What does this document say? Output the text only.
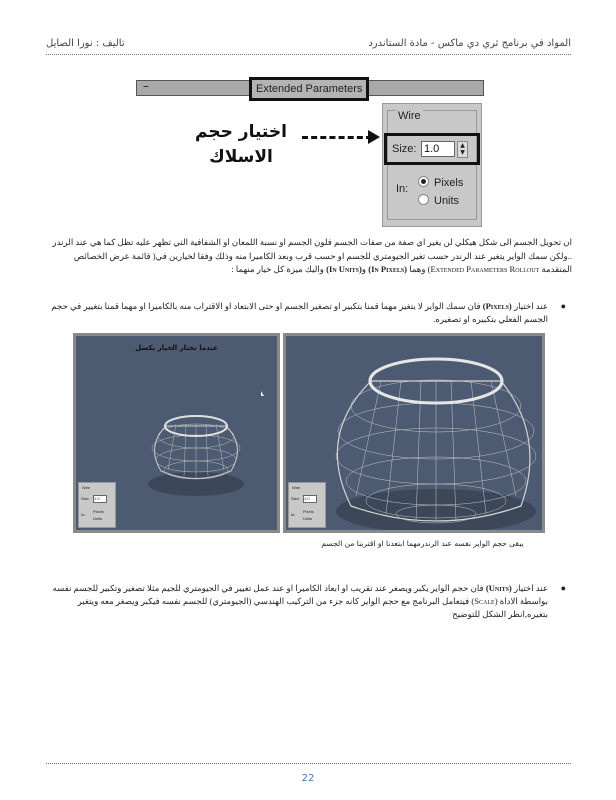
المواد في برنامج ثري دي ماكس - مادة الستاندرد
تاليف : نورا الصايل
–	Extended Parameters
اختيار حجم
الاسلاك
Wire
Size: 1.0	▲
▼
In:	Pixels
Units
ان تحويل الجسم الى شكل هيكلي لن يغير اي صفة من صفات الجسم فلون الجسم او نسبة اللمعان او الشفافية التي تظهر عليه تظل كما هي عند الرندر ..ولكن سمك الواير يتغير عند الرندر حسب تغير الجيومتري للجسم او حسب قرب وبعد الكاميرا منه وذلك وفقا لخيارين في( قائمة عرض الخصائص المتقدمة Extended Parameters Rollout) وهما (In Pixels) و(In Units) واليك ميزة كل خيار منهما :
●
عند اختيار (Pixels) فان سمك الواير لا يتغير مهما قمنا بتكبير او تصغير الجسم او حتى الابتعاد او الاقتراب منه بالكاميرا او مهما قمنا بتغيير في حجم الجسم الفعلي بتكبيره او تصغيره.
عندما نختار الخيار بكسل
Wire
Size: 1.0
In:
Pixels
Units
Wire
Size: 1.0
In:
Pixels
Units
يبقى حجم الواير نفسه عند الرندرمهما ابتعدنا او اقتربنا من الجسم
●
عند اختيار (Units) فان حجم الواير يكبر ويصغر عند تقريب او ابعاد الكاميرا او عند عمل تغيير في الجيومتري للجيم مثلا تصغير وتكبير للجسم نفسه بواسطة الاداة (Scale) فيتعامل البرنامج مع حجم الواير كانه جزء من التركيب الهندسي (الجيومتري) للجسم نفسه فيكبر ويصغر معه ويتغير بتغيره,انظر الشكل للتوضيح
22
